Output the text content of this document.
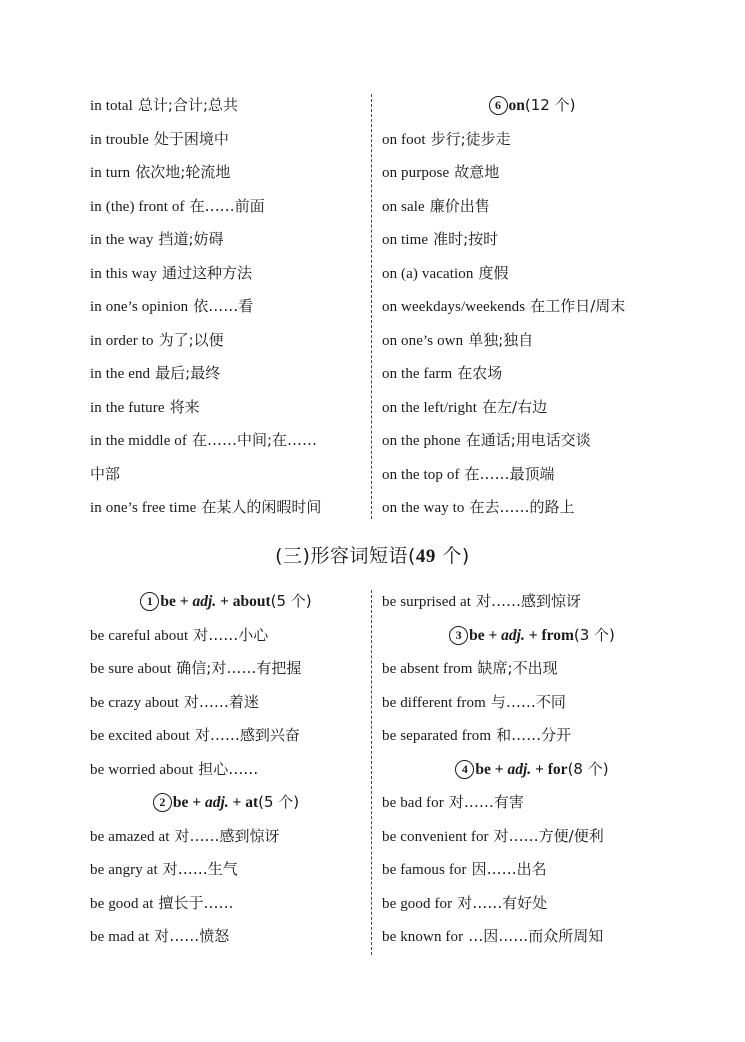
in total 总计;合计;总共
in trouble 处于困境中
in turn 依次地;轮流地
in (the) front of 在……前面
in the way 挡道;妨碍
in this way 通过这种方法
in one’s opinion 依……看
in order to 为了;以便
in the end 最后;最终
in the future 将来
in the middle of 在……中间;在……
中部
in one’s free time 在某人的闲暇时间
6 on(12 个)
on foot 步行;徒步走
on purpose 故意地
on sale 廉价出售
on time 准时;按时
on (a) vacation 度假
on weekdays/weekends 在工作日/周末
on one’s own 单独;独自
on the farm 在农场
on the left/right 在左/右边
on the phone 在通话;用电话交谈
on the top of 在……最顶端
on the way to 在去……的路上
(三)形容词短语(49 个)
1 be + adj. + about(5 个)
be careful about 对……小心
be sure about 确信;对……有把握
be crazy about 对……着迷
be excited about 对……感到兴奋
be worried about 担心……
2 be + adj. + at(5 个)
be amazed at 对……感到惊讶
be angry at 对……生气
be good at 擅长于……
be mad at 对……愤怒
be surprised at 对……感到惊讶
3 be + adj. + from(3 个)
be absent from 缺席;不出现
be different from 与……不同
be separated from 和……分开
4 be + adj. + for(8 个)
be bad for 对……有害
be convenient for 对……方便/便利
be famous for 因……出名
be good for 对……有好处
be known for …因……而众所周知
